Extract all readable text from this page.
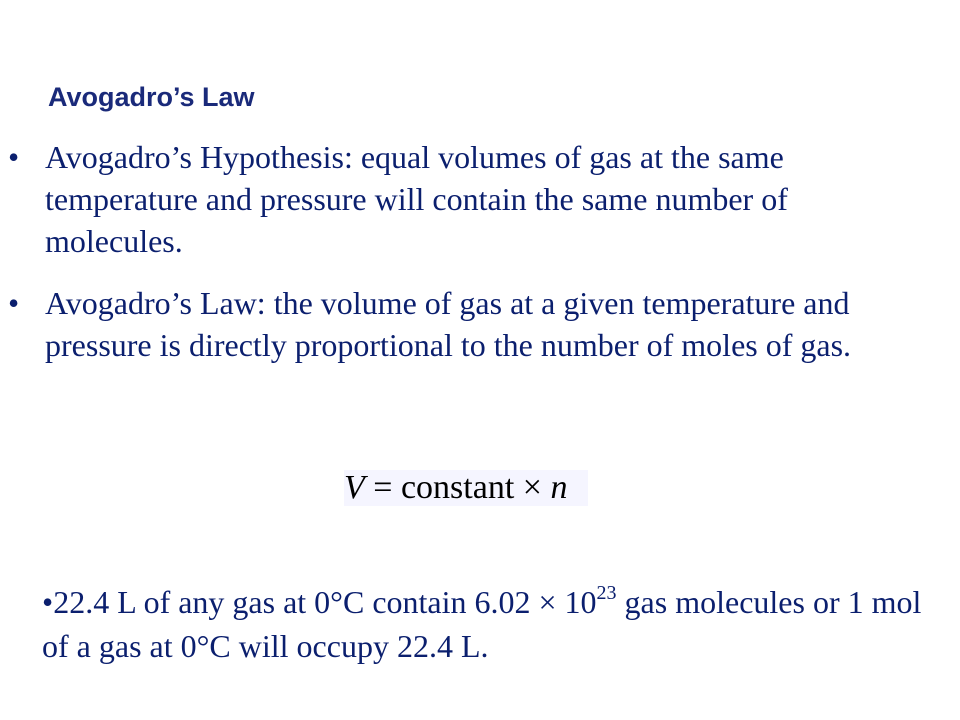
Avogadro’s Law
• Avogadro’s Hypothesis: equal volumes of gas at the same temperature and pressure will contain the same number of molecules.
• Avogadro’s Law: the volume of gas at a given temperature and pressure is directly proportional to the number of moles of gas.
V = constant × n
•22.4 L of any gas at 0°C contain $6.02 \times 10^{23}$ gas molecules or 1 mol of a gas at 0°C will occupy 22.4 L.
